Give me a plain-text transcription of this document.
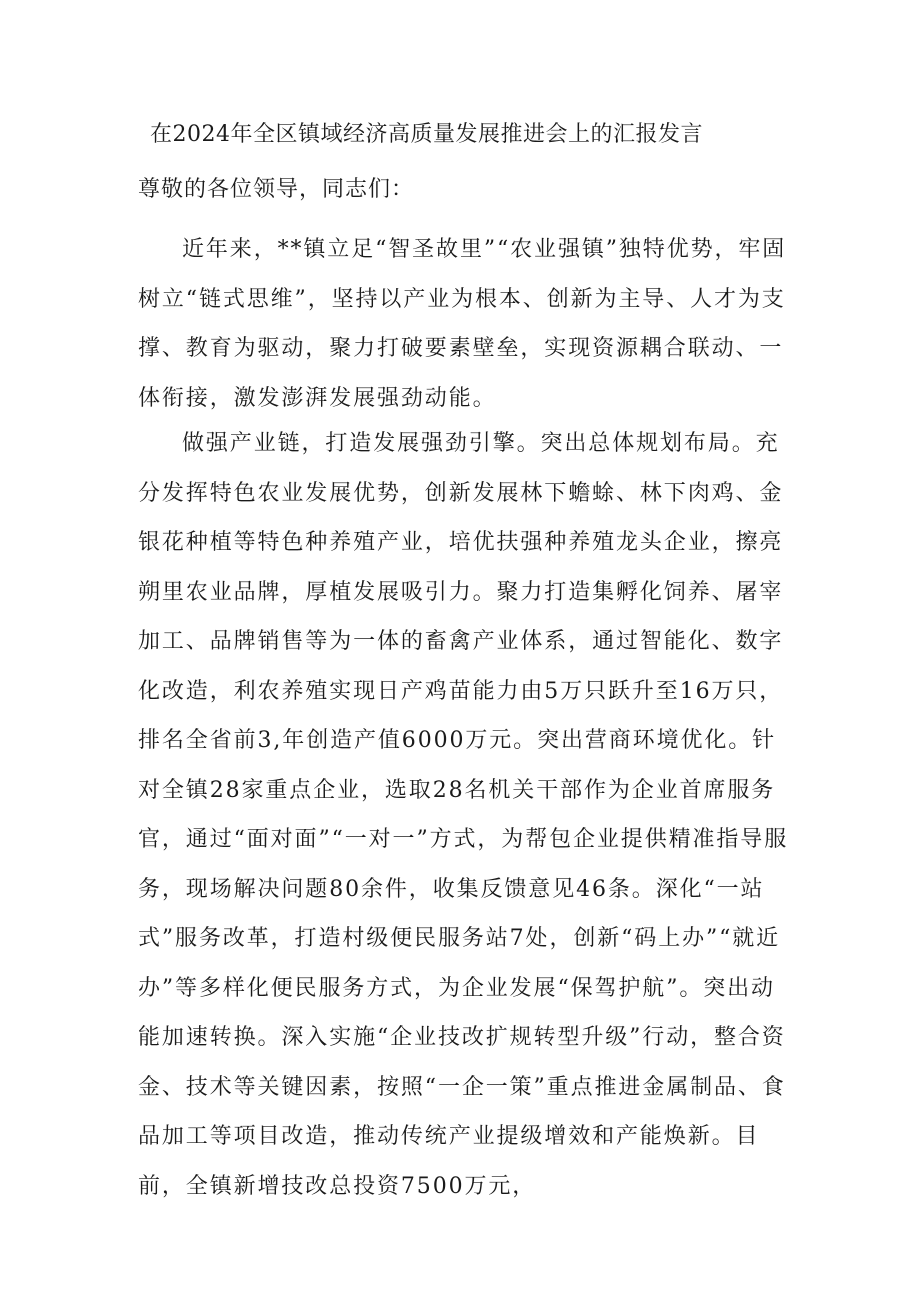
在2024年全区镇域经济高质量发展推进会上的汇报发言
尊敬的各位领导，同志们：

近年来，**镇立足“智圣故里”“农业强镇”独特优势，牢固树立“链式思维”，坚持以产业为根本、创新为主导、人才为支撑、教育为驱动，聚力打破要素壁垒，实现资源耦合联动、一体衔接，激发澎湃发展强劲动能。

做强产业链，打造发展强劲引擎。突出总体规划布局。充分发挥特色农业发展优势，创新发展林下蟾蜍、林下肉鸡、金银花种植等特色种养殖产业，培优扶强种养殖龙头企业，擦亮朔里农业品牌，厚植发展吸引力。聚力打造集孵化饲养、屠宰加工、品牌销售等为一体的畜禽产业体系，通过智能化、数字化改造，利农养殖实现日产鸡苗能力由5万只跃升至16万只，排名全省前3,年创造产值6000万元。突出营商环境优化。针对全镇28家重点企业，选取28名机关干部作为企业首席服务官，通过“面对面”“一对一”方式，为帮包企业提供精准指导服务，现场解决问题80余件，收集反馈意见46条。深化“一站式”服务改革，打造村级便民服务站7处，创新“码上办”“就近办”等多样化便民服务方式，为企业发展“保驾护航”。突出动能加速转换。深入实施“企业技改扩规转型升级”行动，整合资金、技术等关键因素，按照“一企一策”重点推进金属制品、食品加工等项目改造，推动传统产业提级增效和产能焕新。目前，全镇新增技改总投资7500万元，
